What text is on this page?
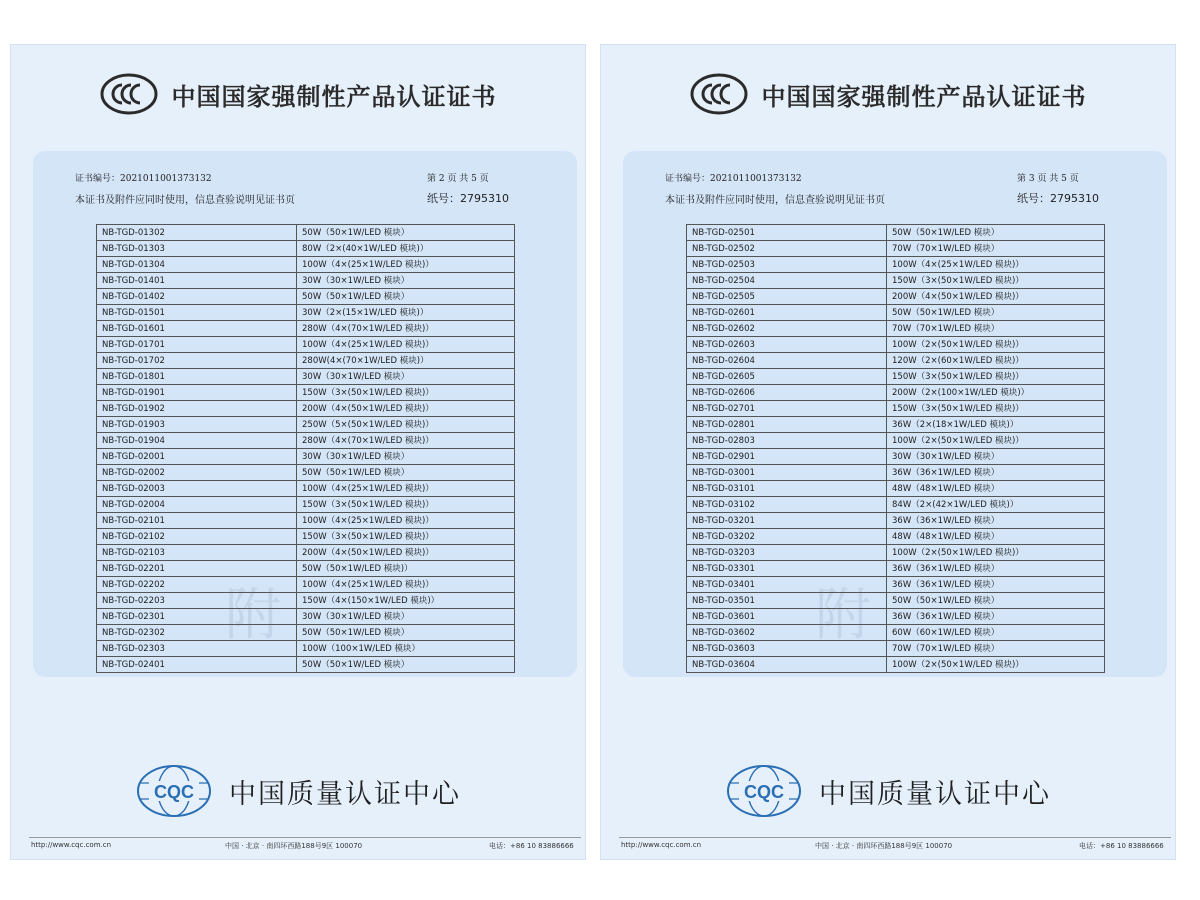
中国国家强制性产品认证证书
证书编号：2021011001373132
本证书及附件应同时使用，信息查验说明见证书页
第 2 页 共 5 页
纸号：2795310
附
NB-TGD-01302	50W（50×1W/LED 模块）
NB-TGD-01303	80W（2×(40×1W/LED 模块)）
NB-TGD-01304	100W（4×(25×1W/LED 模块)）
NB-TGD-01401	30W（30×1W/LED 模块）
NB-TGD-01402	50W（50×1W/LED 模块）
NB-TGD-01501	30W（2×(15×1W/LED 模块)）
NB-TGD-01601	280W（4×(70×1W/LED 模块)）
NB-TGD-01701	100W（4×(25×1W/LED 模块)）
NB-TGD-01702	280W(4×(70×1W/LED 模块)）
NB-TGD-01801	30W（30×1W/LED 模块）
NB-TGD-01901	150W（3×(50×1W/LED 模块)）
NB-TGD-01902	200W（4×(50×1W/LED 模块)）
NB-TGD-01903	250W（5×(50×1W/LED 模块)）
NB-TGD-01904	280W（4×(70×1W/LED 模块)）
NB-TGD-02001	30W（30×1W/LED 模块）
NB-TGD-02002	50W（50×1W/LED 模块）
NB-TGD-02003	100W（4×(25×1W/LED 模块)）
NB-TGD-02004	150W（3×(50×1W/LED 模块)）
NB-TGD-02101	100W（4×(25×1W/LED 模块)）
NB-TGD-02102	150W（3×(50×1W/LED 模块)）
NB-TGD-02103	200W（4×(50×1W/LED 模块)）
NB-TGD-02201	50W（50×1W/LED 模块)）
NB-TGD-02202	100W（4×(25×1W/LED 模块)）
NB-TGD-02203	150W（4×(150×1W/LED 模块)）
NB-TGD-02301	30W（30×1W/LED 模块）
NB-TGD-02302	50W（50×1W/LED 模块）
NB-TGD-02303	100W（100×1W/LED 模块）
NB-TGD-02401	50W（50×1W/LED 模块）
CQC 中国质量认证中心
http://www.cqc.com.cn	中国 · 北京 · 南四环西路188号9区 100070	电话：+86 10 83886666
中国国家强制性产品认证证书
证书编号：2021011001373132
本证书及附件应同时使用，信息查验说明见证书页
第 3 页 共 5 页
纸号：2795310
附
NB-TGD-02501	50W（50×1W/LED 模块）
NB-TGD-02502	70W（70×1W/LED 模块）
NB-TGD-02503	100W（4×(25×1W/LED 模块)）
NB-TGD-02504	150W（3×(50×1W/LED 模块)）
NB-TGD-02505	200W（4×(50×1W/LED 模块)）
NB-TGD-02601	50W（50×1W/LED 模块）
NB-TGD-02602	70W（70×1W/LED 模块）
NB-TGD-02603	100W（2×(50×1W/LED 模块)）
NB-TGD-02604	120W（2×(60×1W/LED 模块)）
NB-TGD-02605	150W（3×(50×1W/LED 模块)）
NB-TGD-02606	200W（2×(100×1W/LED 模块)）
NB-TGD-02701	150W（3×(50×1W/LED 模块)）
NB-TGD-02801	36W（2×(18×1W/LED 模块)）
NB-TGD-02803	100W（2×(50×1W/LED 模块)）
NB-TGD-02901	30W（30×1W/LED 模块）
NB-TGD-03001	36W（36×1W/LED 模块）
NB-TGD-03101	48W（48×1W/LED 模块）
NB-TGD-03102	84W（2×(42×1W/LED 模块)）
NB-TGD-03201	36W（36×1W/LED 模块）
NB-TGD-03202	48W（48×1W/LED 模块）
NB-TGD-03203	100W（2×(50×1W/LED 模块)）
NB-TGD-03301	36W（36×1W/LED 模块）
NB-TGD-03401	36W（36×1W/LED 模块）
NB-TGD-03501	50W（50×1W/LED 模块）
NB-TGD-03601	36W（36×1W/LED 模块）
NB-TGD-03602	60W（60×1W/LED 模块）
NB-TGD-03603	70W（70×1W/LED 模块）
NB-TGD-03604	100W（2×(50×1W/LED 模块)）
CQC 中国质量认证中心
http://www.cqc.com.cn	中国 · 北京 · 南四环西路188号9区 100070	电话：+86 10 83886666
